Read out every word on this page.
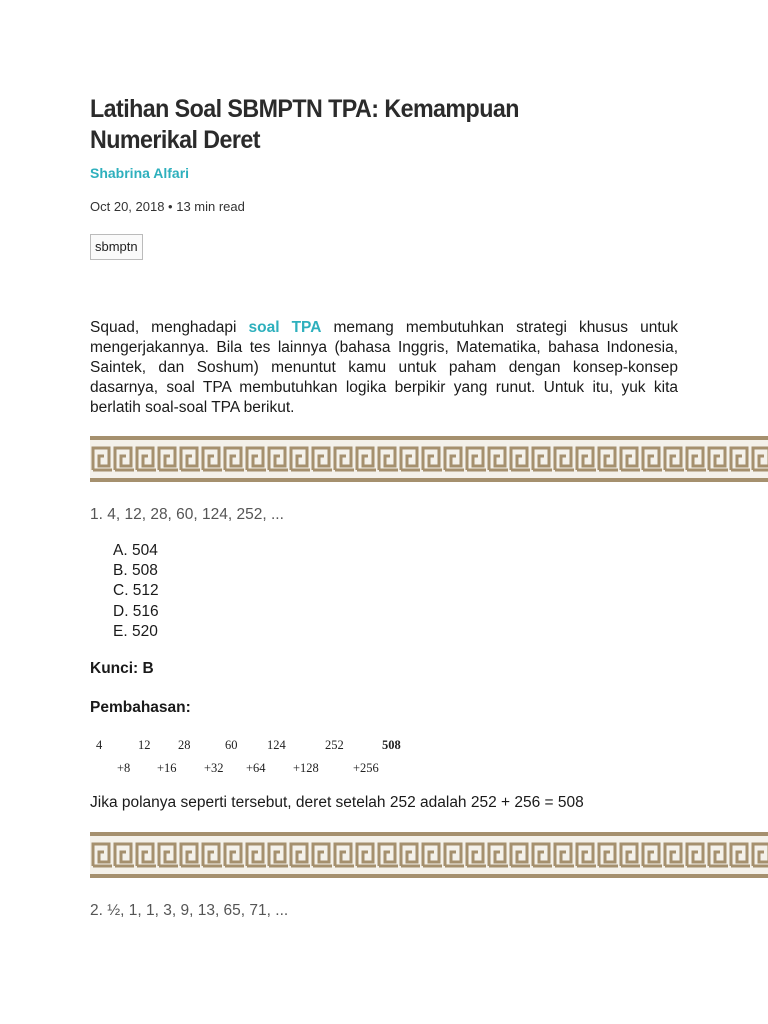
Latihan Soal SBMPTN TPA: Kemampuan
Numerikal Deret
Shabrina Alfari
Oct 20, 2018 • 13 min read
sbmptn

Squad, menghadapi soal TPA memang membutuhkan strategi khusus untuk mengerjakannya. Bila tes lainnya (bahasa Inggris, Matematika, bahasa Indonesia, Saintek, dan Soshum) menuntut kamu untuk paham dengan konsep-konsep dasarnya, soal TPA membutuhkan logika berpikir yang runut. Untuk itu, yuk kita berlatih soal-soal TPA berikut.

1. 4, 12, 28, 60, 124, 252, ...
A. 504
B. 508
C. 512
D. 516
E. 520
Kunci: B
Pembahasan:
4	12 28	60 124	252	508
+8 +16 +32 +64 +128	+256
Jika polanya seperti tersebut, deret setelah 252 adalah 252 + 256 = 508
2. ½, 1, 1, 3, 9, 13, 65, 71, ...
